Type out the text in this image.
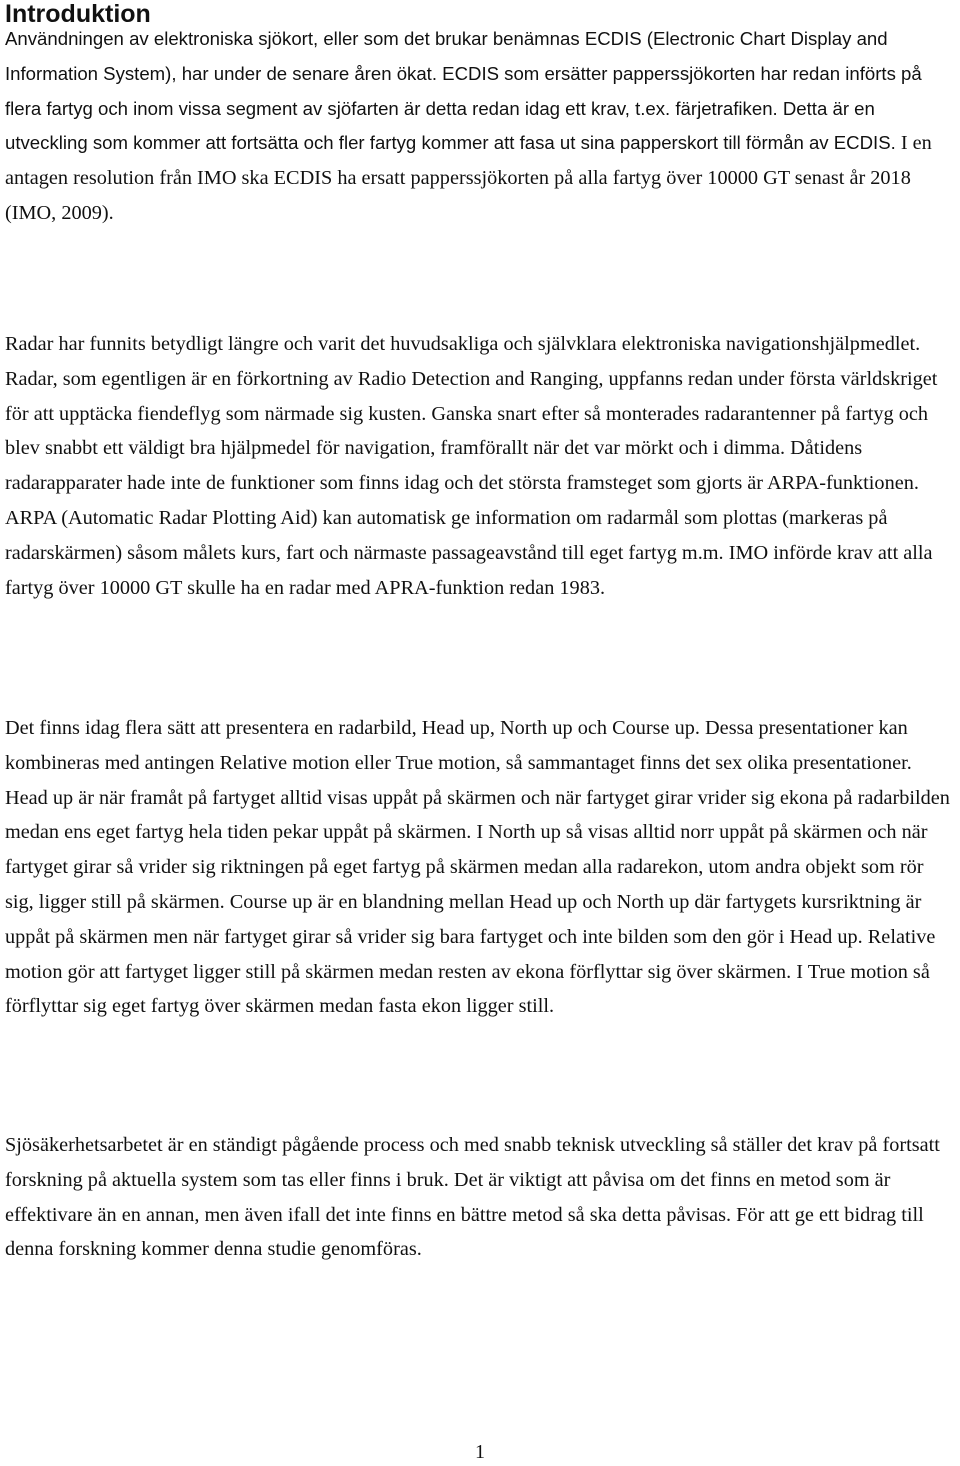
Introduktion

Användningen av elektroniska sjökort, eller som det brukar benämnas ECDIS (Electronic Chart Display and Information System), har under de senare åren ökat. ECDIS som ersätter papperssjökorten har redan införts på flera fartyg och inom vissa segment av sjöfarten är detta redan idag ett krav, t.ex. färjetrafiken. Detta är en utveckling som kommer att fortsätta och fler fartyg kommer att fasa ut sina papperskort till förmån av ECDIS. I en antagen resolution från IMO ska ECDIS ha ersatt papperssjökorten på alla fartyg över 10000 GT senast år 2018 (IMO, 2009).

Radar har funnits betydligt längre och varit det huvudsakliga och självklara elektroniska navigationshjälpmedlet. Radar, som egentligen är en förkortning av Radio Detection and Ranging, uppfanns redan under första världskriget för att upptäcka fiendeflyg som närmade sig kusten. Ganska snart efter så monterades radarantenner på fartyg och blev snabbt ett väldigt bra hjälpmedel för navigation, framförallt när det var mörkt och i dimma. Dåtidens radarapparater hade inte de funktioner som finns idag och det största framsteget som gjorts är ARPA-funktionen. ARPA (Automatic Radar Plotting Aid) kan automatisk ge information om radarmål som plottas (markeras på radarskärmen) såsom målets kurs, fart och närmaste passageavstånd till eget fartyg m.m. IMO införde krav att alla fartyg över 10000 GT skulle ha en radar med APRA-funktion redan 1983.

Det finns idag flera sätt att presentera en radarbild, Head up, North up och Course up. Dessa presentationer kan kombineras med antingen Relative motion eller True motion, så sammantaget finns det sex olika presentationer. Head up är när framåt på fartyget alltid visas uppåt på skärmen och när fartyget girar vrider sig ekona på radarbilden medan ens eget fartyg hela tiden pekar uppåt på skärmen. I North up så visas alltid norr uppåt på skärmen och när fartyget girar så vrider sig riktningen på eget fartyg på skärmen medan alla radarekon, utom andra objekt som rör sig, ligger still på skärmen. Course up är en blandning mellan Head up och North up där fartygets kursriktning är uppåt på skärmen men när fartyget girar så vrider sig bara fartyget och inte bilden som den gör i Head up. Relative motion gör att fartyget ligger still på skärmen medan resten av ekona förflyttar sig över skärmen. I True motion så förflyttar sig eget fartyg över skärmen medan fasta ekon ligger still.

Sjösäkerhetsarbetet är en ständigt pågående process och med snabb teknisk utveckling så ställer det krav på fortsatt forskning på aktuella system som tas eller finns i bruk. Det är viktigt att påvisa om det finns en metod som är effektivare än en annan, men även ifall det inte finns en bättre metod så ska detta påvisas. För att ge ett bidrag till denna forskning kommer denna studie genomföras.

1
